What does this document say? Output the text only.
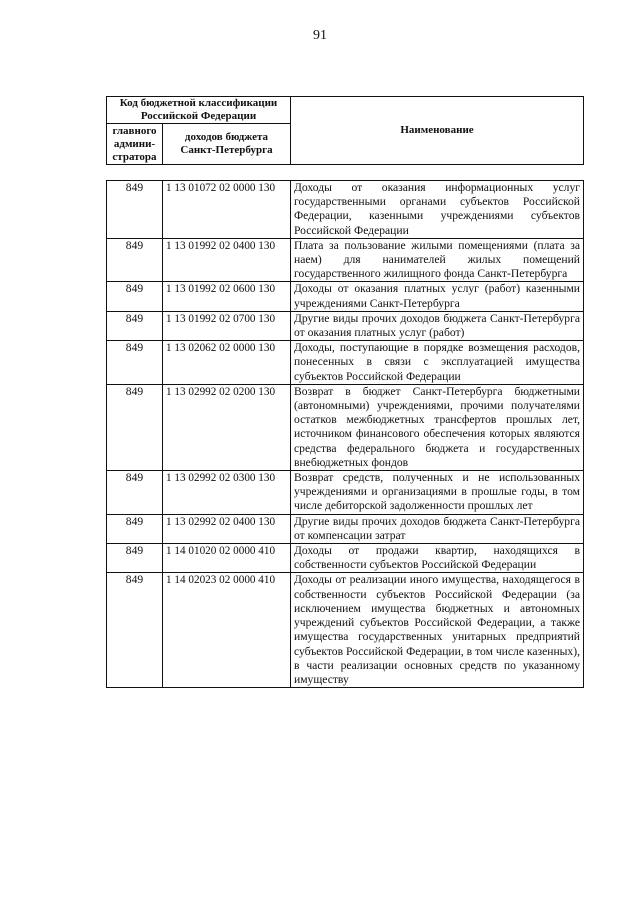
91
Код бюджетной классификации Российской Федерации		Наименование
главного админи-стратора	доходов бюджета Санкт-Петербурга	
849	1 13 01072 02 0000 130	Доходы от оказания информационных услуг государственными органами субъектов Российской Федерации, казенными учреждениями субъектов Российской Федерации
849	1 13 01992 02 0400 130	Плата за пользование жилыми помещениями (плата за наем) для нанимателей жилых помещений государственного жилищного фонда Санкт-Петербурга
849	1 13 01992 02 0600 130	Доходы от оказания платных услуг (работ) казенными учреждениями Санкт-Петербурга
849	1 13 01992 02 0700 130	Другие виды прочих доходов бюджета Санкт-Петербурга от оказания платных услуг (работ)
849	1 13 02062 02 0000 130	Доходы, поступающие в порядке возмещения расходов, понесенных в связи с эксплуатацией имущества субъектов Российской Федерации
849	1 13 02992 02 0200 130	Возврат в бюджет Санкт-Петербурга бюджетными (автономными) учреждениями, прочими получателями остатков межбюджетных трансфертов прошлых лет, источником финансового обеспечения которых являются средства федерального бюджета и государственных внебюджетных фондов
849	1 13 02992 02 0300 130	Возврат средств, полученных и не использованных учреждениями и организациями в прошлые годы, в том числе дебиторской задолженности прошлых лет
849	1 13 02992 02 0400 130	Другие виды прочих доходов бюджета Санкт-Петербурга от компенсации затрат
849	1 14 01020 02 0000 410	Доходы от продажи квартир, находящихся в собственности субъектов Российской Федерации
849	1 14 02023 02 0000 410	Доходы от реализации иного имущества, находящегося в собственности субъектов Российской Федерации (за исключением имущества бюджетных и автономных учреждений субъектов Российской Федерации, а также имущества государственных унитарных предприятий субъектов Российской Федерации, в том числе казенных), в части реализации основных средств по указанному имуществу
